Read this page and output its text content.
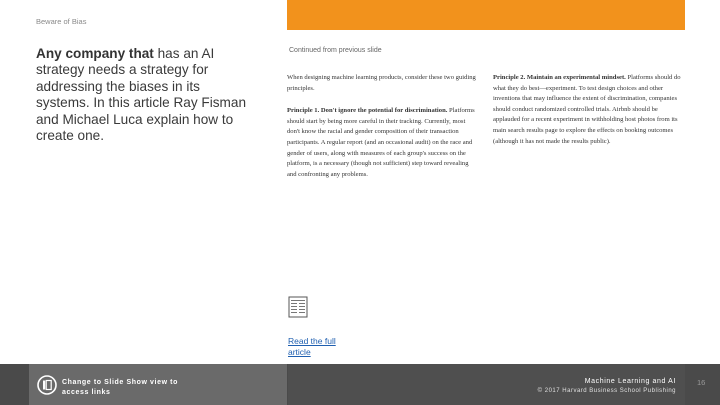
Beware of Bias
Any company that has an AI strategy needs a strategy for addressing the biases in its systems. In this article Ray Fisman and Michael Luca explain how to create one.
Continued from previous slide

When designing machine learning products, consider these two guiding principles.

Principle 1. Don't ignore the potential for discrimination. Platforms should start by being more careful in their tracking. Currently, most don't know the racial and gender composition of their transaction participants. A regular report (and an occasional audit) on the race and gender of users, along with measures of each group's success on the platform, is a necessary (though not sufficient) step toward revealing and confronting any problems.

Principle 2. Maintain an experimental mindset. Platforms should do what they do best—experiment. To test design choices and other inventions that may influence the extent of discrimination, companies should conduct randomized controlled trials. Airbnb should be applauded for a recent experiment in withholding host photos from its main search results page to explore the effects on booking outcomes (although it has not made the results public).

Read the full article
Change to Slide Show view to access links
Machine Learning and AI
© 2017 Harvard Business School Publishing
16
